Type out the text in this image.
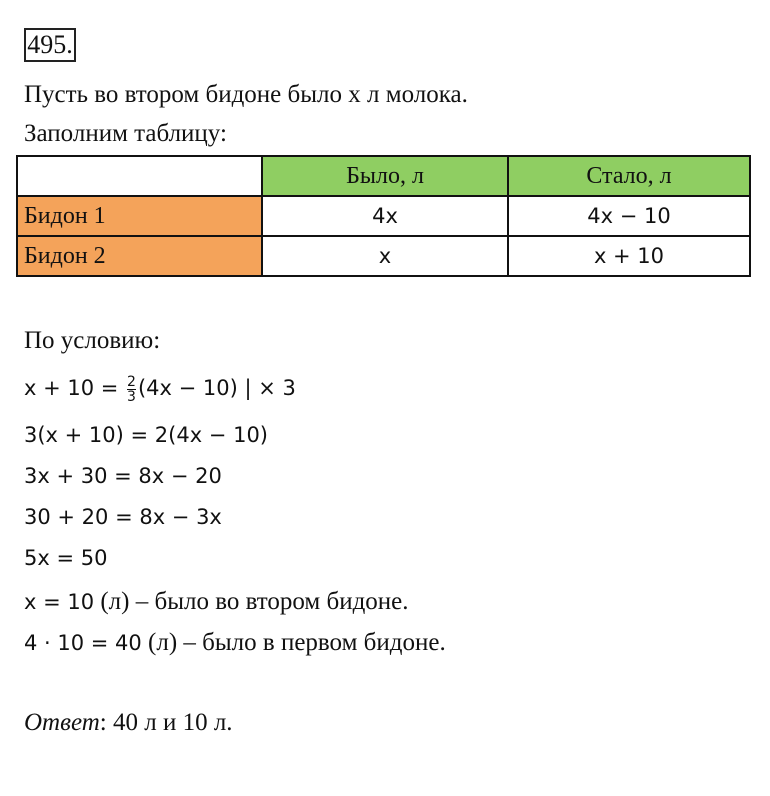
495.
Пусть во втором бидоне было x л молока.
Заполним таблицу:
	Было, л	Стало, л
Бидон 1	4x	4x − 10
Бидон 2	x	x + 10
По условию:
$x + 10 = \frac{2}{3} (4x - 10)$ | × 3
3(x + 10) = 2(4x − 10)
3x + 30 = 8x − 20
30 + 20 = 8x − 3x
5x = 50
x = 10 (л) – было во втором бидоне.
4 · 10 = 40 (л) – было в первом бидоне.
Ответ: 40 л и 10 л.
